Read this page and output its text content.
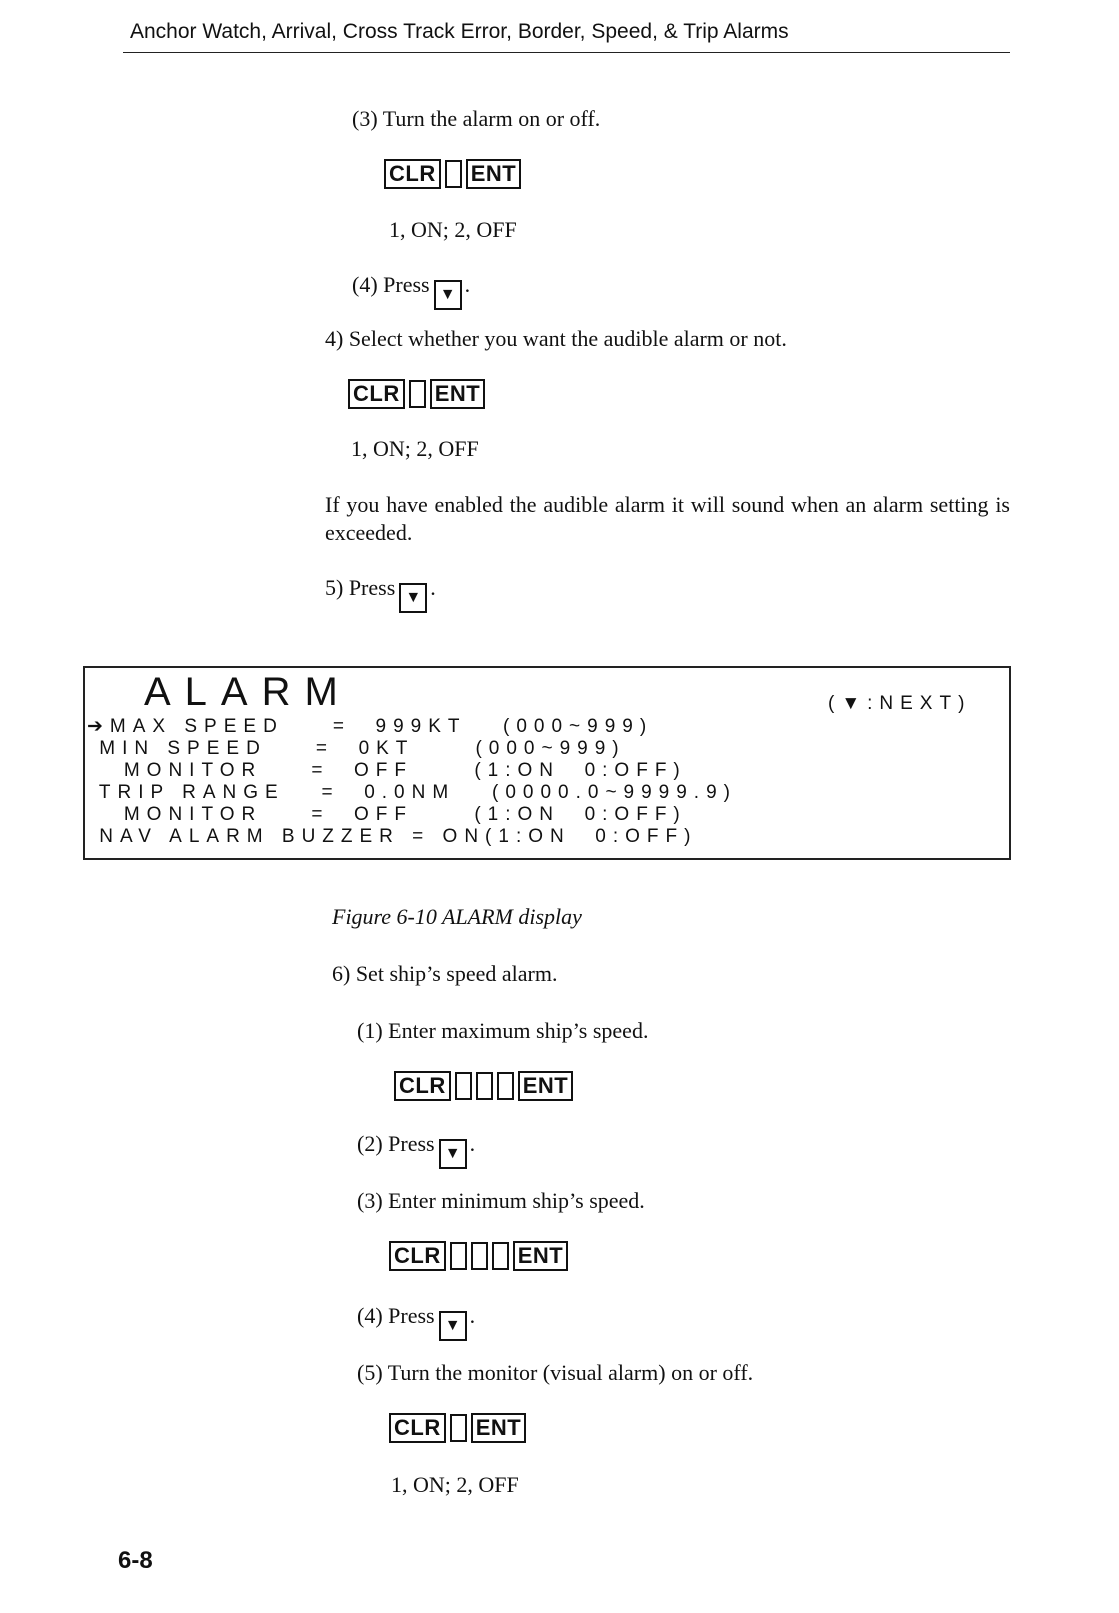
Anchor Watch, Arrival, Cross Track Error, Border, Speed, & Trip Alarms
(3) Turn the alarm on or off.
CLR ENT
1, ON; 2, OFF
(4) Press ▼ .
4) Select whether you want the audible alarm or not.
CLR ENT
1, ON; 2, OFF
If you have enabled the audible alarm it will sound when an alarm setting is exceeded.
5) Press ▼ .
ALARM	(▼:NEXT)
➔MAX SPEED    =  999KT   (000~999)
MIN SPEED    =  0KT     (000~999)
MONITOR    =  OFF     (1:ON  0:OFF)
TRIP RANGE   =  0.0NM   (0000.0~9999.9)
MONITOR    =  OFF     (1:ON  0:OFF)
NAV ALARM BUZZER = ON(1:ON  0:OFF)
Figure 6-10 ALARM display
6) Set ship’s speed alarm.
(1) Enter maximum ship’s speed.
CLR	ENT
(2) Press ▼ .
(3) Enter minimum ship’s speed.
CLR	ENT
(4) Press ▼ .
(5) Turn the monitor (visual alarm) on or off.
CLR ENT
1, ON; 2, OFF
6-8
